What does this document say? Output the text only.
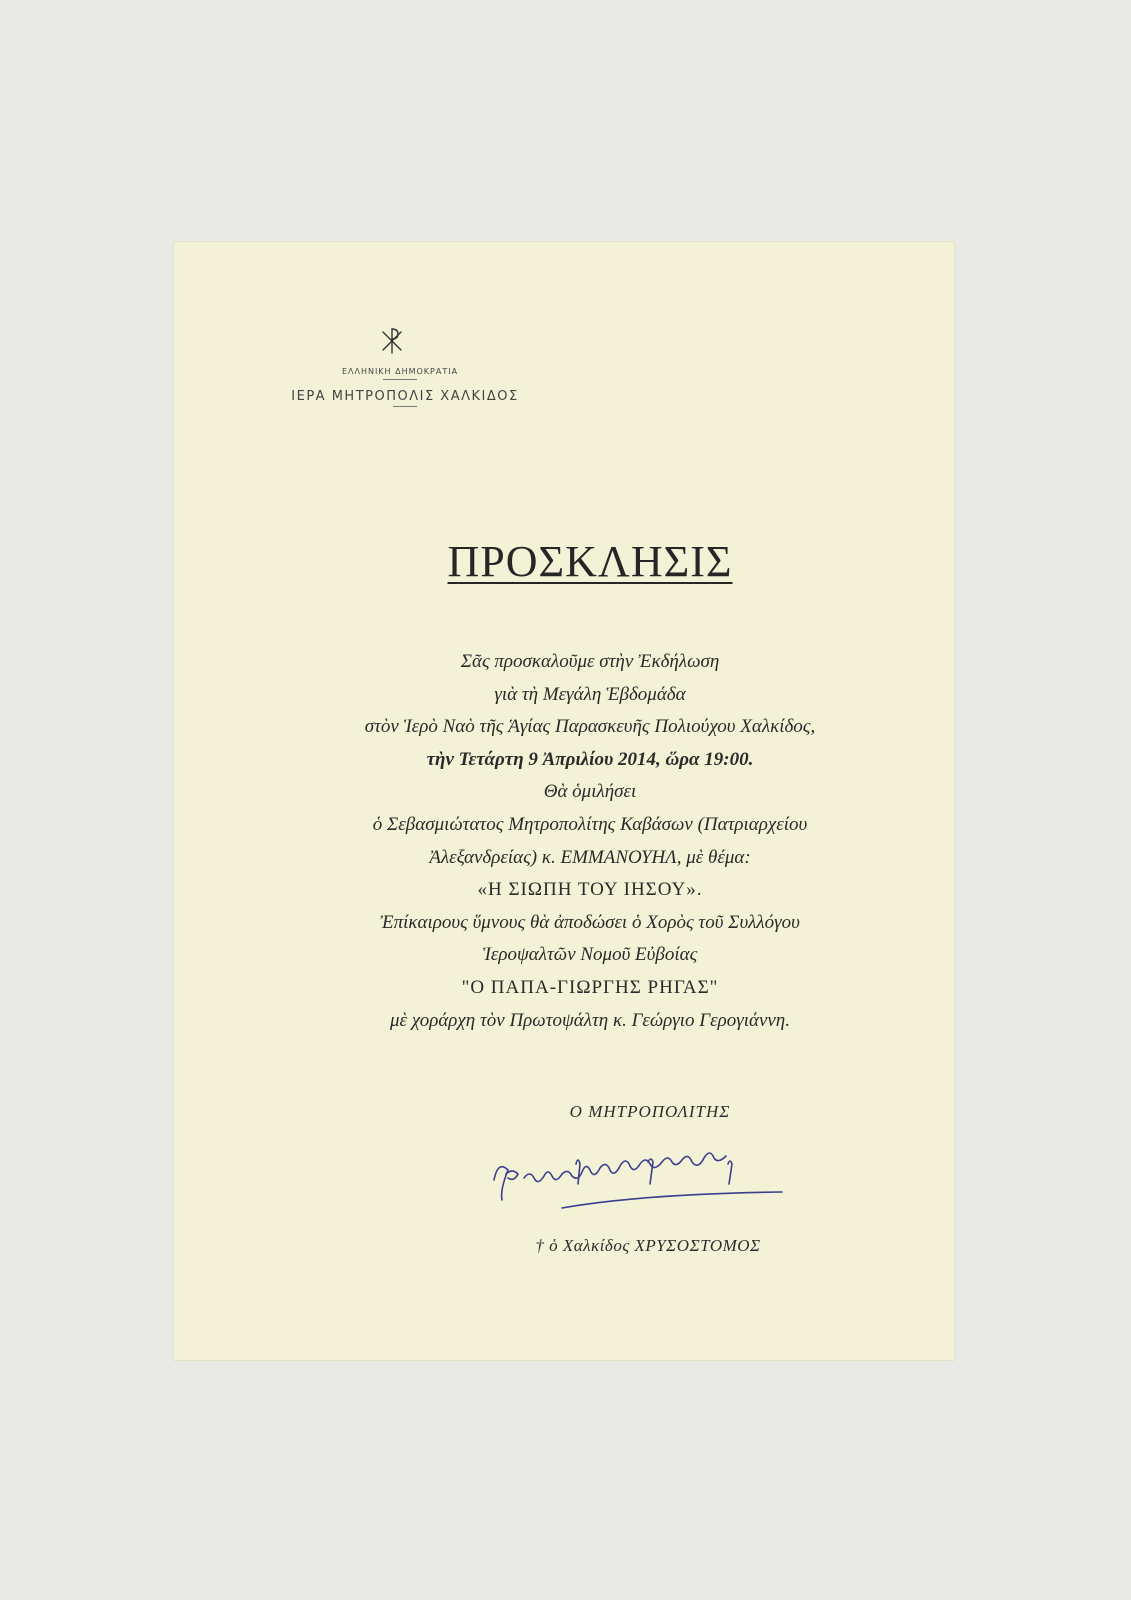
ΕΛΛΗΝΙΚΗ ΔΗΜΟΚΡΑΤΙΑ
ΙΕΡΑ ΜΗΤΡΟΠΟΛΙΣ ΧΑΛΚΙΔΟΣ
ΠΡΟΣΚΛΗΣΙΣ
Σᾶς προσκαλοῦμε στὴν Ἐκδήλωση
γιὰ τὴ Μεγάλη Ἑβδομάδα
στὸν Ἱερὸ Ναὸ τῆς Ἁγίας Παρασκευῆς Πολιούχου Χαλκίδος,
τὴν Τετάρτη 9 Ἀπριλίου 2014, ὥρα 19:00.
Θὰ ὁμιλήσει
ὁ Σεβασμιώτατος Μητροπολίτης Καβάσων (Πατριαρχείου
Ἀλεξανδρείας) κ. ΕΜΜΑΝΟΥΗΛ, μὲ θέμα:
«Η ΣΙΩΠΗ ΤΟΥ ΙΗΣΟΥ».
Ἐπίκαιρους ὕμνους θὰ ἀποδώσει ὁ Χορὸς τοῦ Συλλόγου
Ἱεροψαλτῶν Νομοῦ Εὐβοίας
"Ο ΠΑΠΑ-ΓΙΩΡΓΗΣ ΡΗΓΑΣ"
μὲ χοράρχη τὸν Πρωτοψάλτη κ. Γεώργιο Γερογιάννη.
Ο ΜΗΤΡΟΠΟΛΙΤΗΣ
† ὁ Χαλκίδος ΧΡΥΣΟΣΤΟΜΟΣ
